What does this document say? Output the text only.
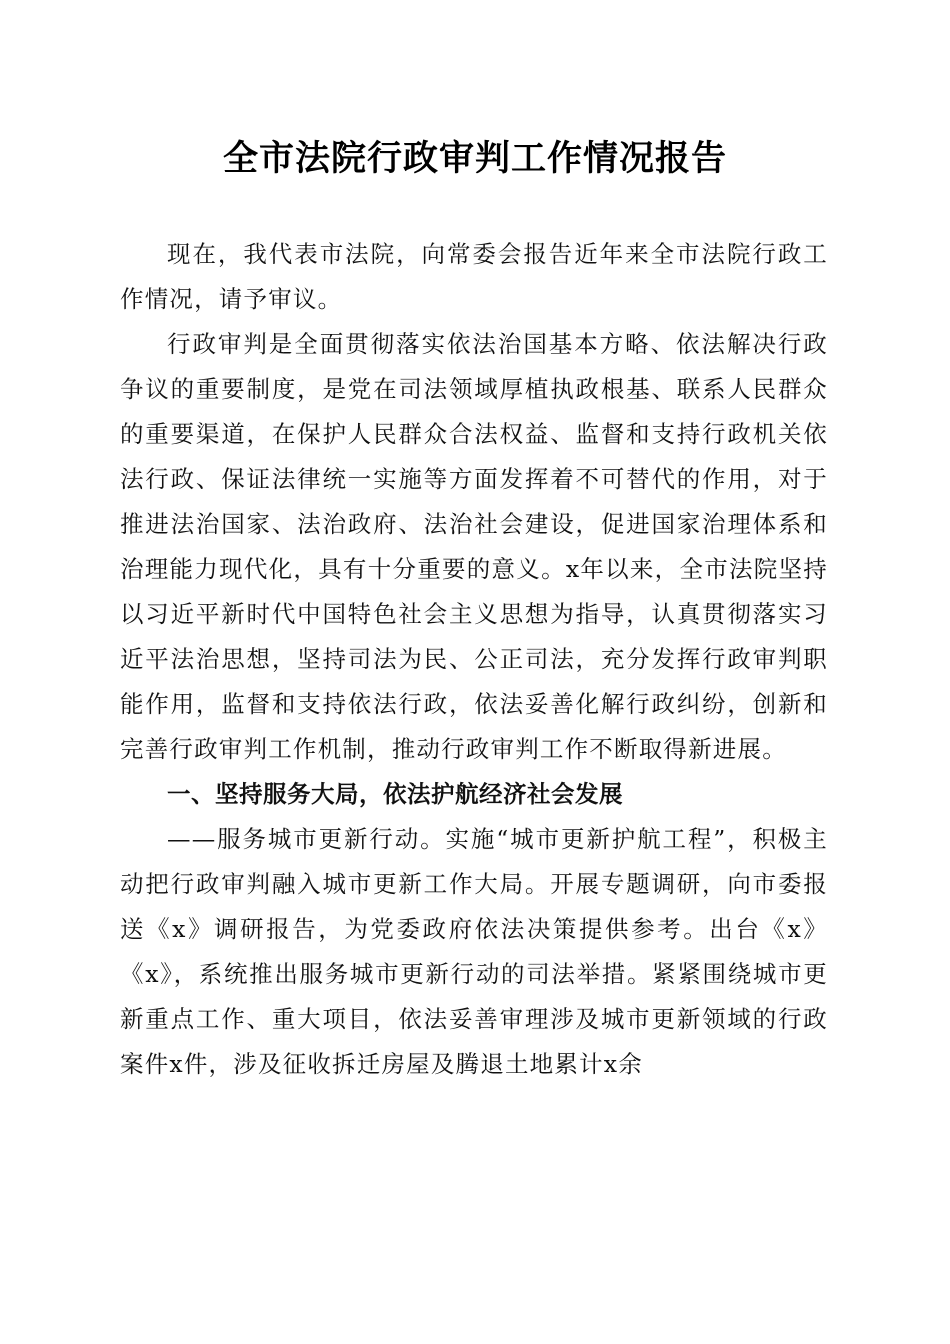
全市法院行政审判工作情况报告

现在，我代表市法院，向常委会报告近年来全市法院行政工作情况，请予审议。

行政审判是全面贯彻落实依法治国基本方略、依法解决行政争议的重要制度，是党在司法领域厚植执政根基、联系人民群众的重要渠道，在保护人民群众合法权益、监督和支持行政机关依法行政、保证法律统一实施等方面发挥着不可替代的作用，对于推进法治国家、法治政府、法治社会建设，促进国家治理体系和治理能力现代化，具有十分重要的意义。x年以来，全市法院坚持以习近平新时代中国特色社会主义思想为指导，认真贯彻落实习近平法治思想，坚持司法为民、公正司法，充分发挥行政审判职能作用，监督和支持依法行政，依法妥善化解行政纠纷，创新和完善行政审判工作机制，推动行政审判工作不断取得新进展。

一、坚持服务大局，依法护航经济社会发展

——服务城市更新行动。实施“城市更新护航工程”，积极主动把行政审判融入城市更新工作大局。开展专题调研，向市委报送《x》调研报告，为党委政府依法决策提供参考。出台《x》《x》，系统推出服务城市更新行动的司法举措。紧紧围绕城市更新重点工作、重大项目，依法妥善审理涉及城市更新领域的行政案件x件，涉及征收拆迁房屋及腾退土地累计x余
